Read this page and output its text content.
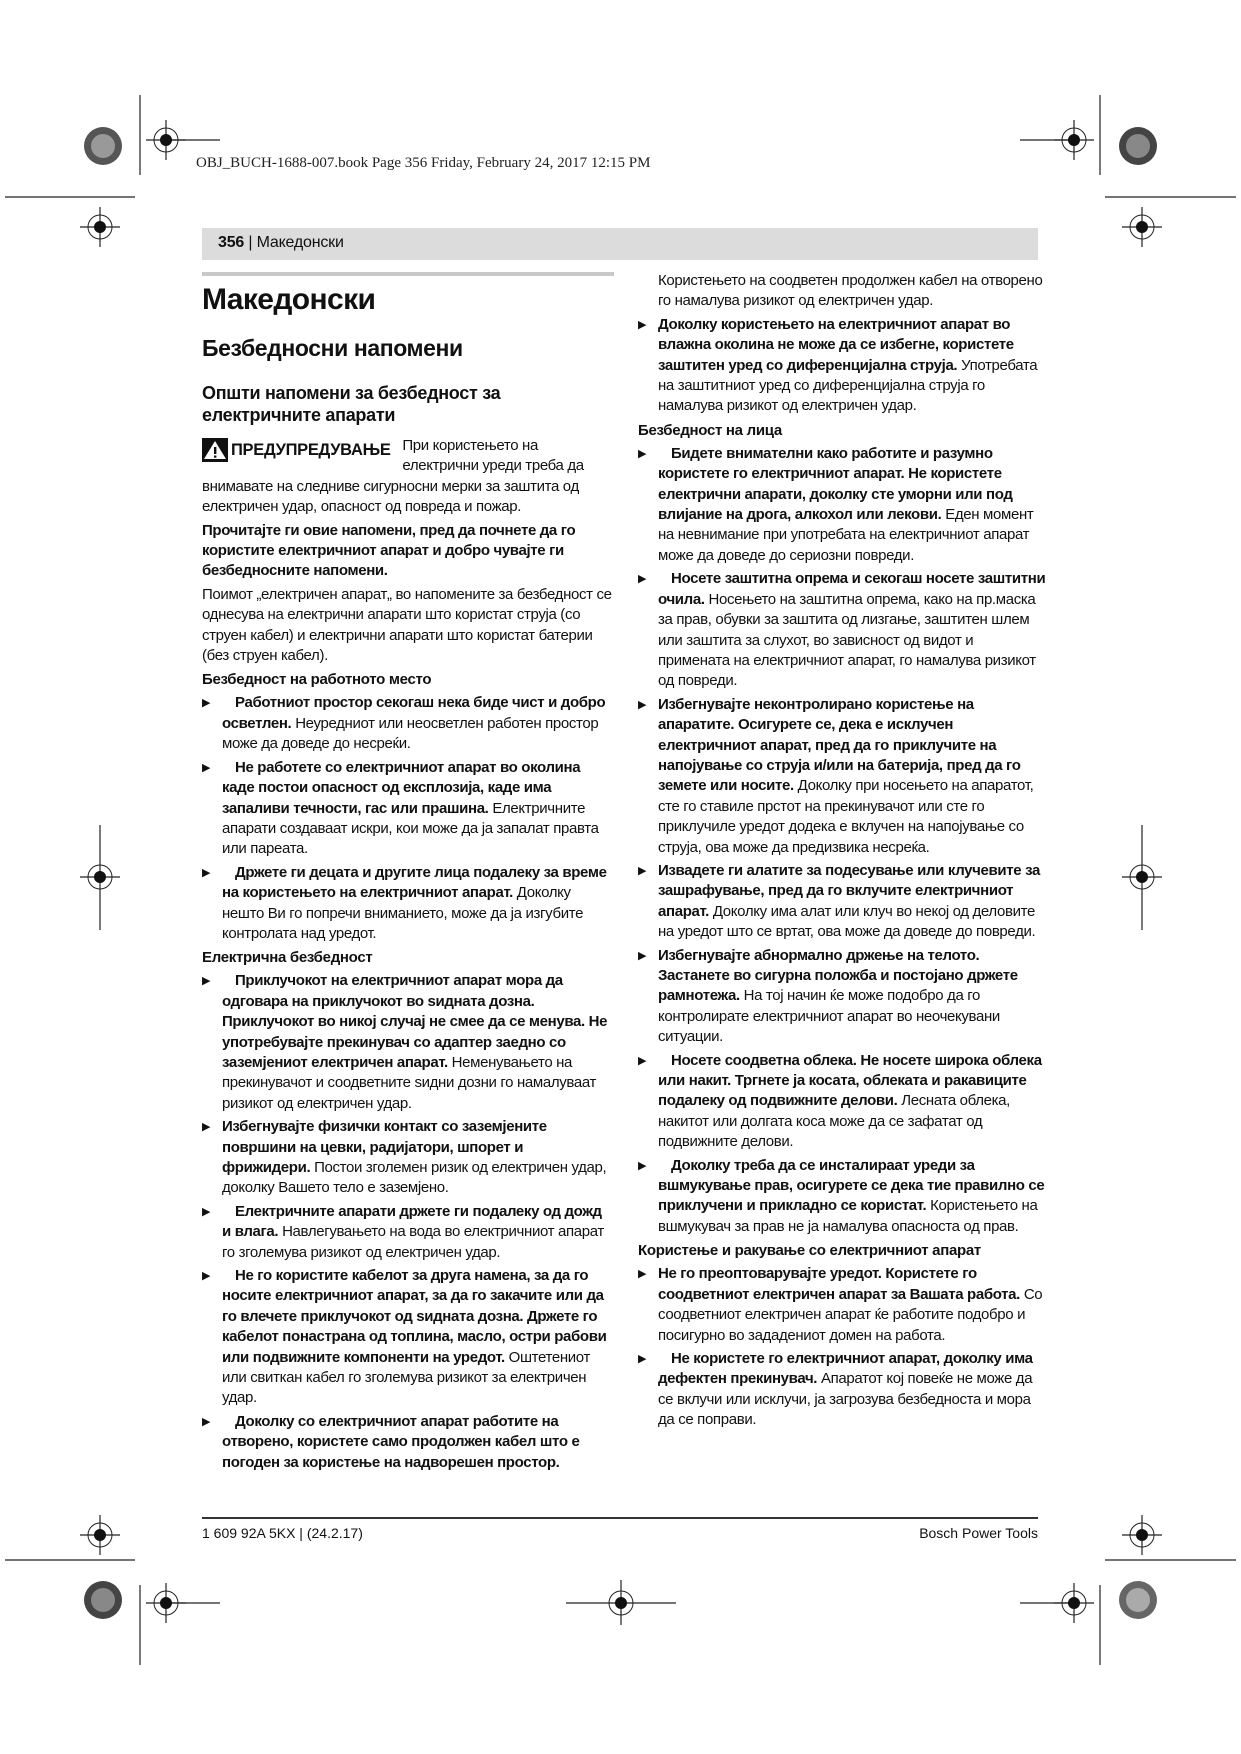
OBJ_BUCH-1688-007.book Page 356 Friday, February 24, 2017 12:15 PM
356 | Македонски
Македонски
Безбедносни напомени
Општи напомени за безбедност за електричните апарати
ПРЕДУПРЕДУВАЊЕ При користењето на електрични уреди треба да

внимавате на следниве сигурносни мерки за заштита од електричен удар, опасност од повреда и пожар.

Прочитајте ги овие напомени, пред да почнете да го користите електричниот апарат и добро чувајте ги безбедносните напомени.

Поимот „електричен апарат„ во напомените за безбедност се однесува на електрични апарати што користат струја (со струен кабел) и електрични апарати што користат батерии (без струен кабел).

Безбедност на работното место
▶	Работниот простор секогаш нека биде чист и добро осветлен. Неуредниот или неосветлен работен простор може да доведе до несреќи.
▶	Не работете со електричниот апарат во околина каде постои опасност од експлозија, каде има запаливи течности, гас или прашина. Електричните апарати создаваат искри, кои може да ја запалат правта или пареата.
▶	Држете ги децата и другите лица подалеку за време на користењето на електричниот апарат. Доколку нешто Ви го попречи вниманието, може да ја изгубите контролата над уредот.
Електрична безбедност
▶	Приклучокот на електричниот апарат мора да одговара на приклучокот во ѕидната дозна. Приклучокот во никој случај не смее да се менува. Не употребувајте прекинувач со адаптер заедно со заземјениот електричен апарат. Неменувањето на прекинувачот и соодветните ѕидни дозни го намалуваат ризикот од електричен удар.
▶ Избегнувајте физички контакт со заземјените површини на цевки, радијатори, шпорет и фрижидери. Постои зголемен ризик од електричен удар, доколку Вашето тело е заземјено.
▶	Електричните апарати држете ги подалеку од дожд и влага. Навлегувањето на вода во електричниот апарат го зголемува ризикот од електричен удар.
▶	Не го користите кабелот за друга намена, за да го носите електричниот апарат, за да го закачите или да го влечете приклучокот од ѕидната дозна. Држете го кабелот понастрана од топлина, масло, остри рабови или подвижните компоненти на уредот. Оштетениот или свиткан кабел го зголемува ризикот за електричен удар.
▶	Доколку со електричниот апарат работите на отворено, користете само продолжен кабел што е погоден за користење на надворешен простор.

Користењето на соодветен продолжен кабел на отворено го намалува ризикот од електричен удар.

▶ Доколку користењето на електричниот апарат во влажна околина не може да се избегне, користете заштитен уред со диференцијална струја. Употребата на заштитниот уред со диференцијална струја го намалува ризикот од електричен удар.
Безбедност на лица
▶	Бидете внимателни како работите и разумно користете го електричниот апарат. Не користете електрични апарати, доколку сте уморни или под влијание на дрога, алкохол или лекови. Еден момент на невнимание при употребата на електричниот апарат може да доведе до сериозни повреди.
▶	Носете заштитна опрема и секогаш носете заштитни очила. Носењето на заштитна опрема, како на пр.маска за прав, обувки за заштита од лизгање, заштитен шлем или заштита за слухот, во зависност од видот и примената на електричниот апарат, го намалува ризикот од повреди.
▶ Избегнувајте неконтролирано користење на апаратите. Осигурете се, дека е исклучен електричниот апарат, пред да го приклучите на напојување со струја и/или на батерија, пред да го земете или носите. Доколку при носењето на апаратот, сте го ставиле прстот на прекинувачот или сте го приклучиле уредот додека е вклучен на напојување со струја, ова може да предизвика несреќа.
▶ Извадете ги алатите за подесување или клучевите за зашрафување, пред да го вклучите електричниот апарат. Доколку има алат или клуч во некој од деловите на уредот што се вртат, ова може да доведе до повреди.
▶ Избегнувајте абнормално држење на телото. Застанете во сигурна положба и постојано држете рамнотежа. На тој начин ќе може подобро да го контролирате електричниот апарат во неочекувани ситуации.
▶	Носете соодветна облека. Не носете широка облека или накит. Тргнете ја косата, облеката и ракавиците подалеку од подвижните делови. Лесната облека, накитот или долгата коса може да се зафатат од подвижните делови.
▶	Доколку треба да се инсталираат уреди за вшмукување прав, осигурете се дека тие правилно се приклучени и прикладно се користат. Користењето на вшмукувач за прав не ја намалува опасноста од прав.
Користење и ракување со електричниот апарат
▶ Не го преоптоварувајте уредот. Користете го соодветниот електричен апарат за Вашата работа. Со соодветниот електричен апарат ќе работите подобро и посигурно во зададениот домен на работа.
▶	Не користете го електричниот апарат, доколку има дефектен прекинувач. Апаратот кој повеќе не може да се вклучи или исклучи, ја загрозува безбедноста и мора да се поправи.
1 609 92A 5KX | (24.2.17)	Bosch Power Tools
